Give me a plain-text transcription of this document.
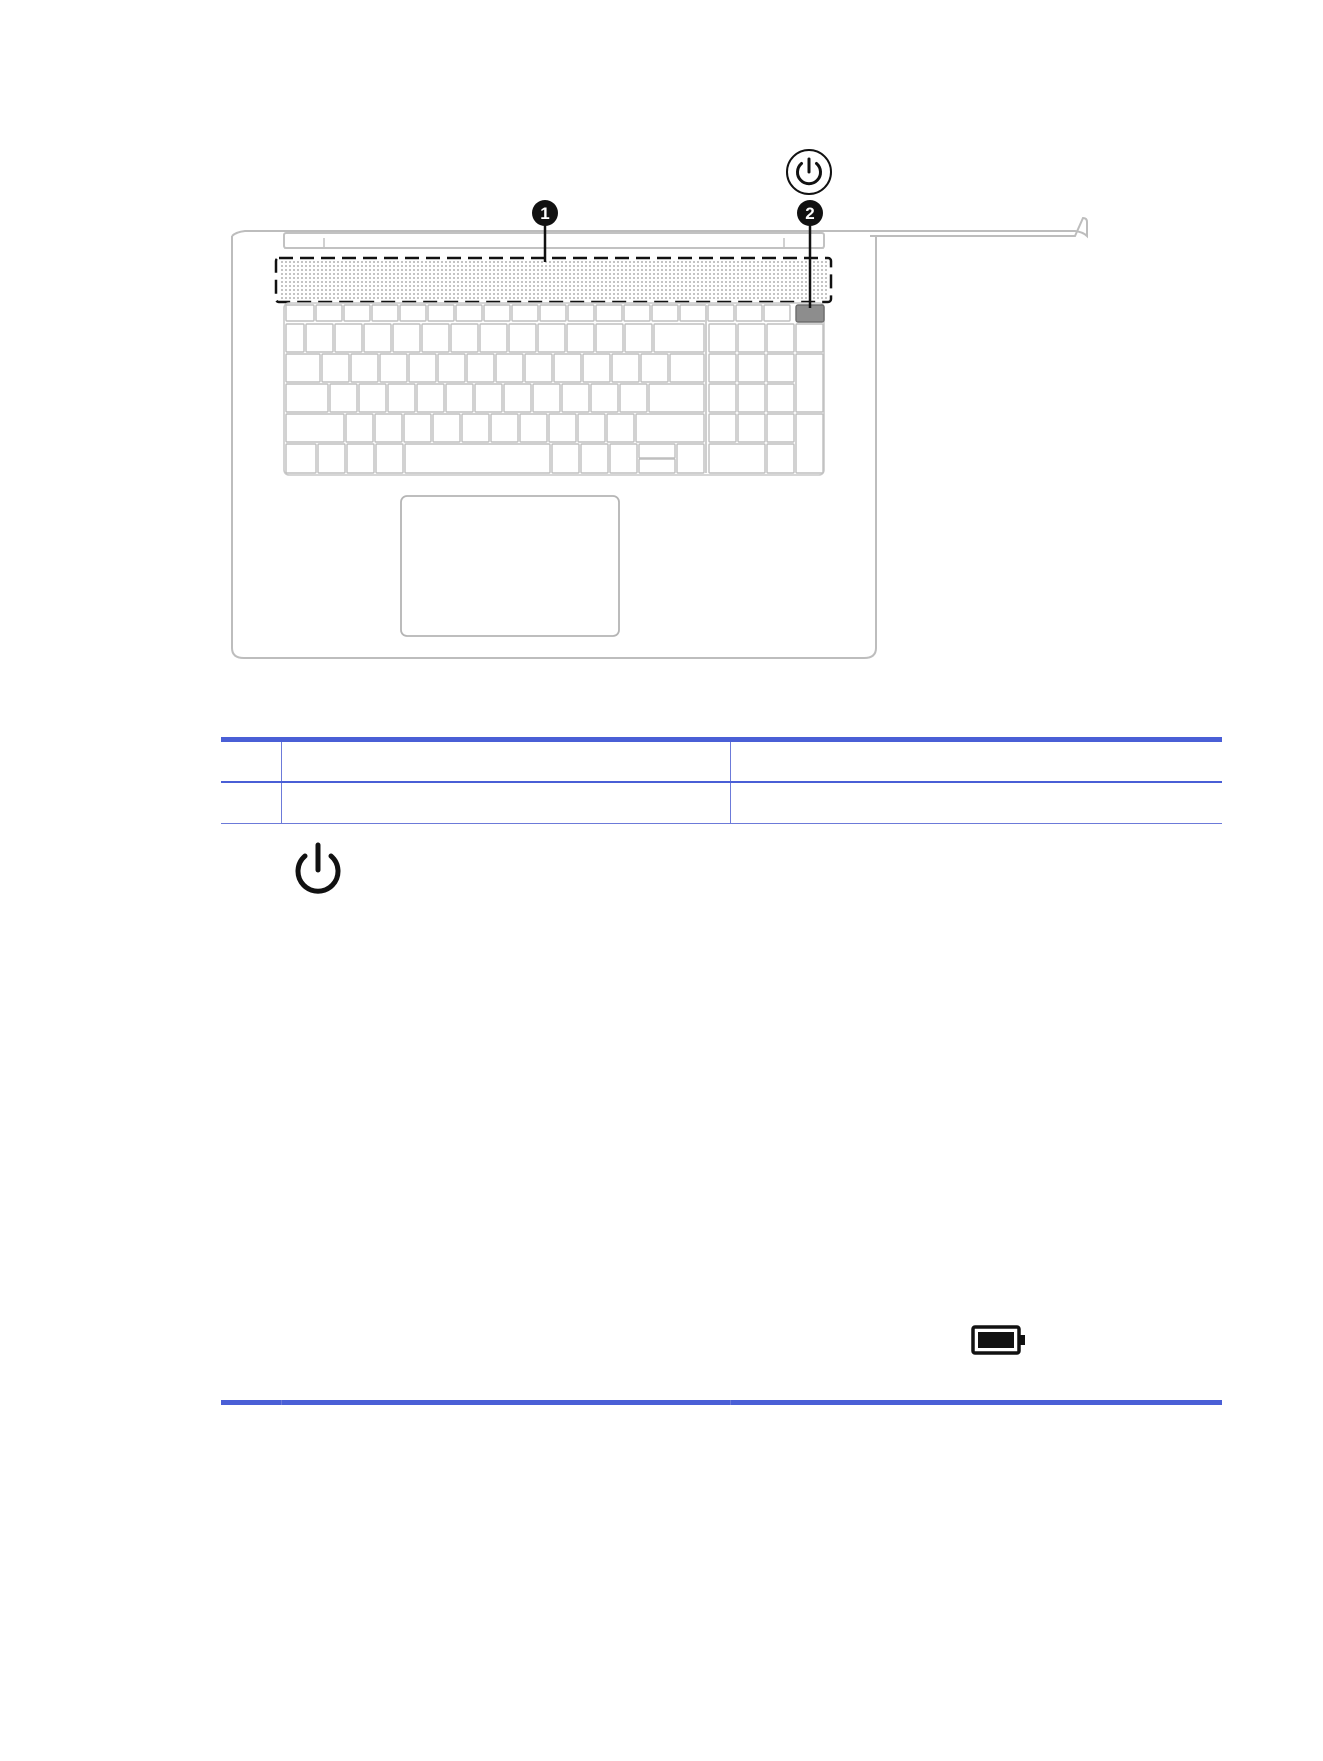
1	2
